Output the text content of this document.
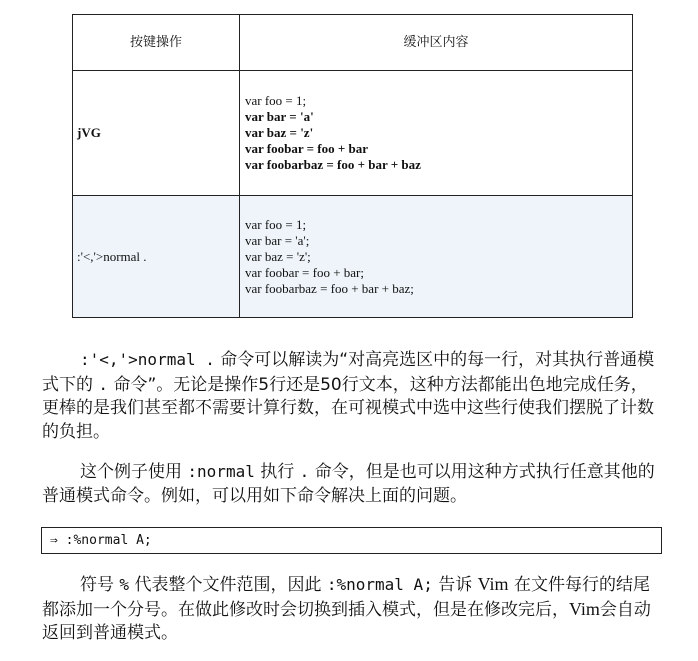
按键操作	缓冲区内容
jVG	var foo = 1;
var bar = 'a'
var baz = 'z'
var foobar = foo + bar
var foobarbaz = foo + bar + baz

:'<,'>normal .	var foo = 1;
var bar = 'a';
var baz = 'z';
var foobar = foo + bar;
var foobarbaz = foo + bar + baz;

:'<,'>normal . 命令可以解读为“对高亮选区中的每一行，对其执行普通模式下的 . 命令”。无论是操作5行还是50行文本，这种方法都能出色地完成任务，更棒的是我们甚至都不需要计算行数，在可视模式中选中这些行使我们摆脱了计数的负担。

这个例子使用 :normal 执行 . 命令，但是也可以用这种方式执行任意其他的普通模式命令。例如，可以用如下命令解决上面的问题。

⇒ :%normal A;

符号 % 代表整个文件范围，因此 :%normal A; 告诉 Vim 在文件每行的结尾都添加一个分号。在做此修改时会切换到插入模式，但是在修改完后，Vim会自动返回到普通模式。
